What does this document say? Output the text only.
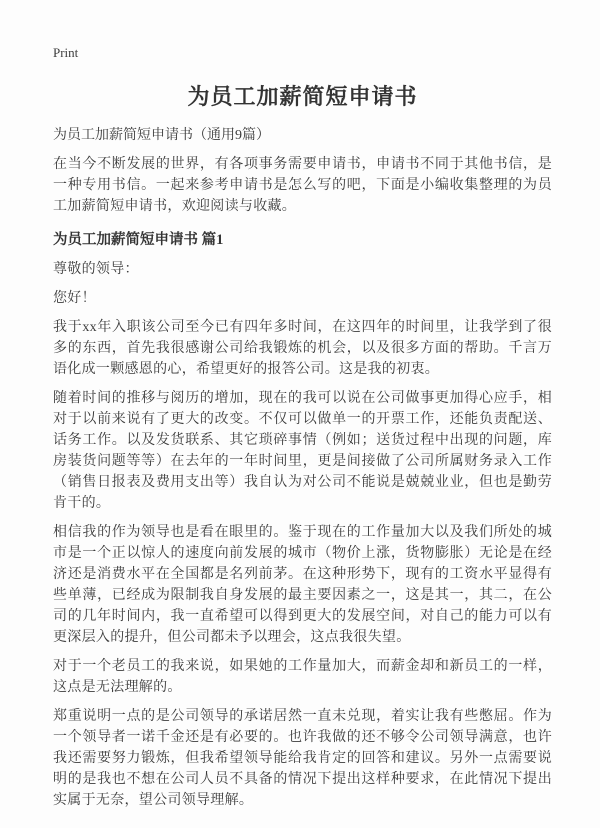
Print
为员工加薪简短申请书

为员工加薪简短申请书（通用9篇）

在当今不断发展的世界，有各项事务需要申请书，申请书不同于其他书信，是一种专用书信。一起来参考申请书是怎么写的吧，下面是小编收集整理的为员工加薪简短申请书，欢迎阅读与收藏。

为员工加薪简短申请书 篇1

尊敬的领导：

您好！

我于xx年入职该公司至今已有四年多时间，在这四年的时间里，让我学到了很多的东西，首先我很感谢公司给我锻炼的机会，以及很多方面的帮助。千言万语化成一颗感恩的心，希望更好的报答公司。这是我的初衷。

随着时间的推移与阅历的增加，现在的我可以说在公司做事更加得心应手，相对于以前来说有了更大的改变。不仅可以做单一的开票工作，还能负责配送、话务工作。以及发货联系、其它琐碎事情（例如；送货过程中出现的问题，库房装货问题等等）在去年的一年时间里，更是间接做了公司所属财务录入工作（销售日报表及费用支出等）我自认为对公司不能说是兢兢业业，但也是勤劳肯干的。

相信我的作为领导也是看在眼里的。鉴于现在的工作量加大以及我们所处的城市是一个正以惊人的速度向前发展的城市（物价上涨，货物膨胀）无论是在经济还是消费水平在全国都是名列前茅。在这种形势下，现有的工资水平显得有些单薄，已经成为限制我自身发展的最主要因素之一，这是其一，其二，在公司的几年时间内，我一直希望可以得到更大的发展空间，对自己的能力可以有更深层入的提升，但公司都未予以理会，这点我很失望。

对于一个老员工的我来说，如果她的工作量加大，而薪金却和新员工的一样，这点是无法理解的。

郑重说明一点的是公司领导的承诺居然一直未兑现，着实让我有些憋屈。作为一个领导者一诺千金还是有必要的。也许我做的还不够令公司领导满意，也许我还需要努力锻炼，但我希望领导能给我肯定的回答和建议。另外一点需要说明的是我也不想在公司人员不具备的情况下提出这样种要求，在此情况下提出实属于无奈，望公司领导理解。
